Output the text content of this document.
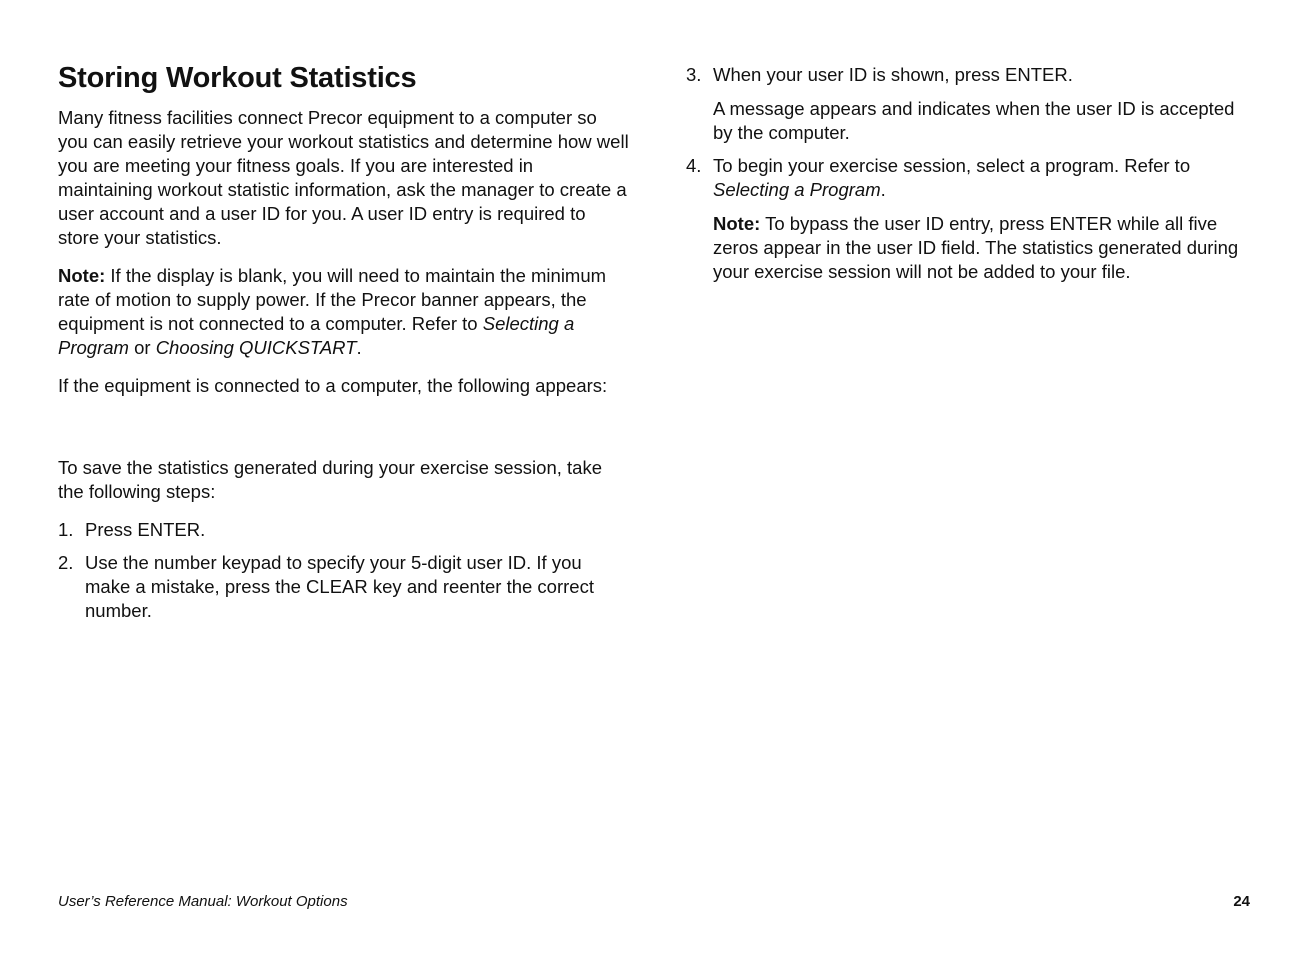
Storing Workout Statistics

Many fitness facilities connect Precor equipment to a computer so you can easily retrieve your workout statistics and determine how well you are meeting your fitness goals. If you are interested in maintaining workout statistic information, ask the manager to create a user account and a user ID for you. A user ID entry is required to store your statistics.

Note: If the display is blank, you will need to maintain the minimum rate of motion to supply power. If the Precor banner appears, the equipment is not connected to a computer. Refer to Selecting a Program or Choosing QUICKSTART.

If the equipment is connected to a computer, the following appears:

To save the statistics generated during your exercise session, take the following steps:

1. Press ENTER.
2. Use the number keypad to specify your 5-digit user ID. If you make a mistake, press the CLEAR key and reenter the correct number.
3. When your user ID is shown, press ENTER.

A message appears and indicates when the user ID is accepted by the computer.

4. To begin your exercise session, select a program. Refer to Selecting a Program.

Note: To bypass the user ID entry, press ENTER while all five zeros appear in the user ID field. The statistics generated during your exercise session will not be added to your file.

User’s Reference Manual: Workout Options	24
